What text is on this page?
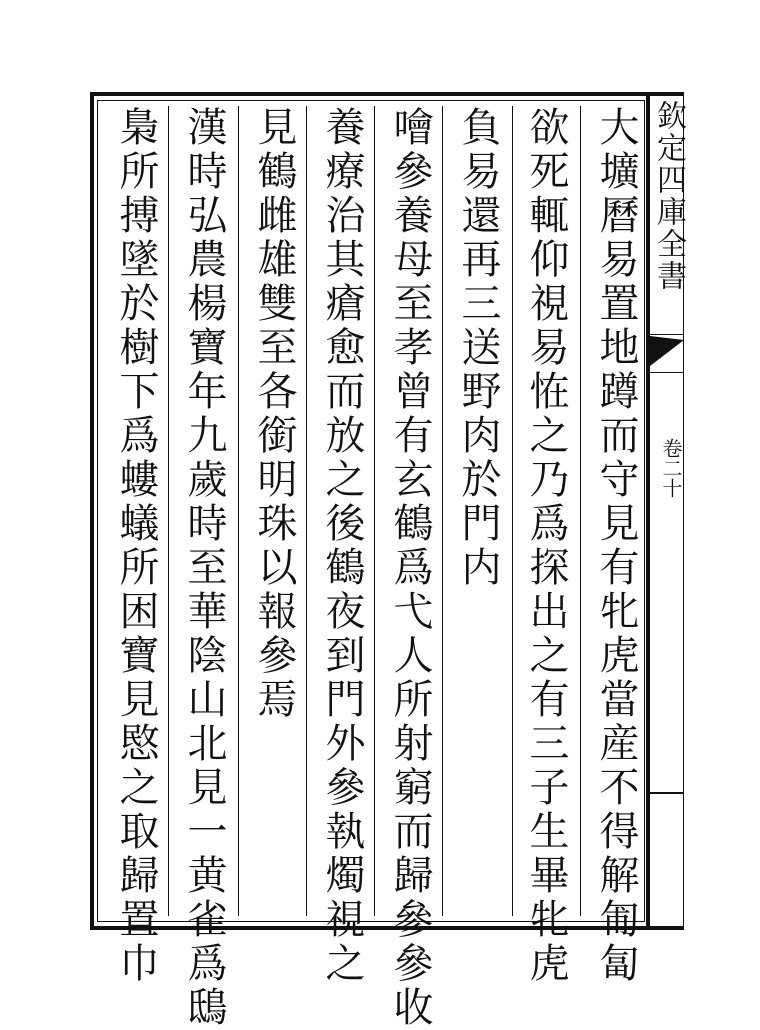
大壙曆易置地蹲而守見有牝虎當産不得解匍匐
欲死輒仰視易恠之乃爲探出之有三子生畢牝虎
負易還再三送野肉於門内
噲參養母至孝曾有玄鶴爲弋人所射窮而歸參參收
養療治其瘡愈而放之後鶴夜到門外參執燭視之
見鶴雌雄雙至各銜明珠以報參焉
漢時弘農楊寶年九歲時至華陰山北見一黄雀爲鴟
梟所搏墜於樹下爲螻蟻所困寶見愍之取歸置巾	欽定四庫全書
卷二十
